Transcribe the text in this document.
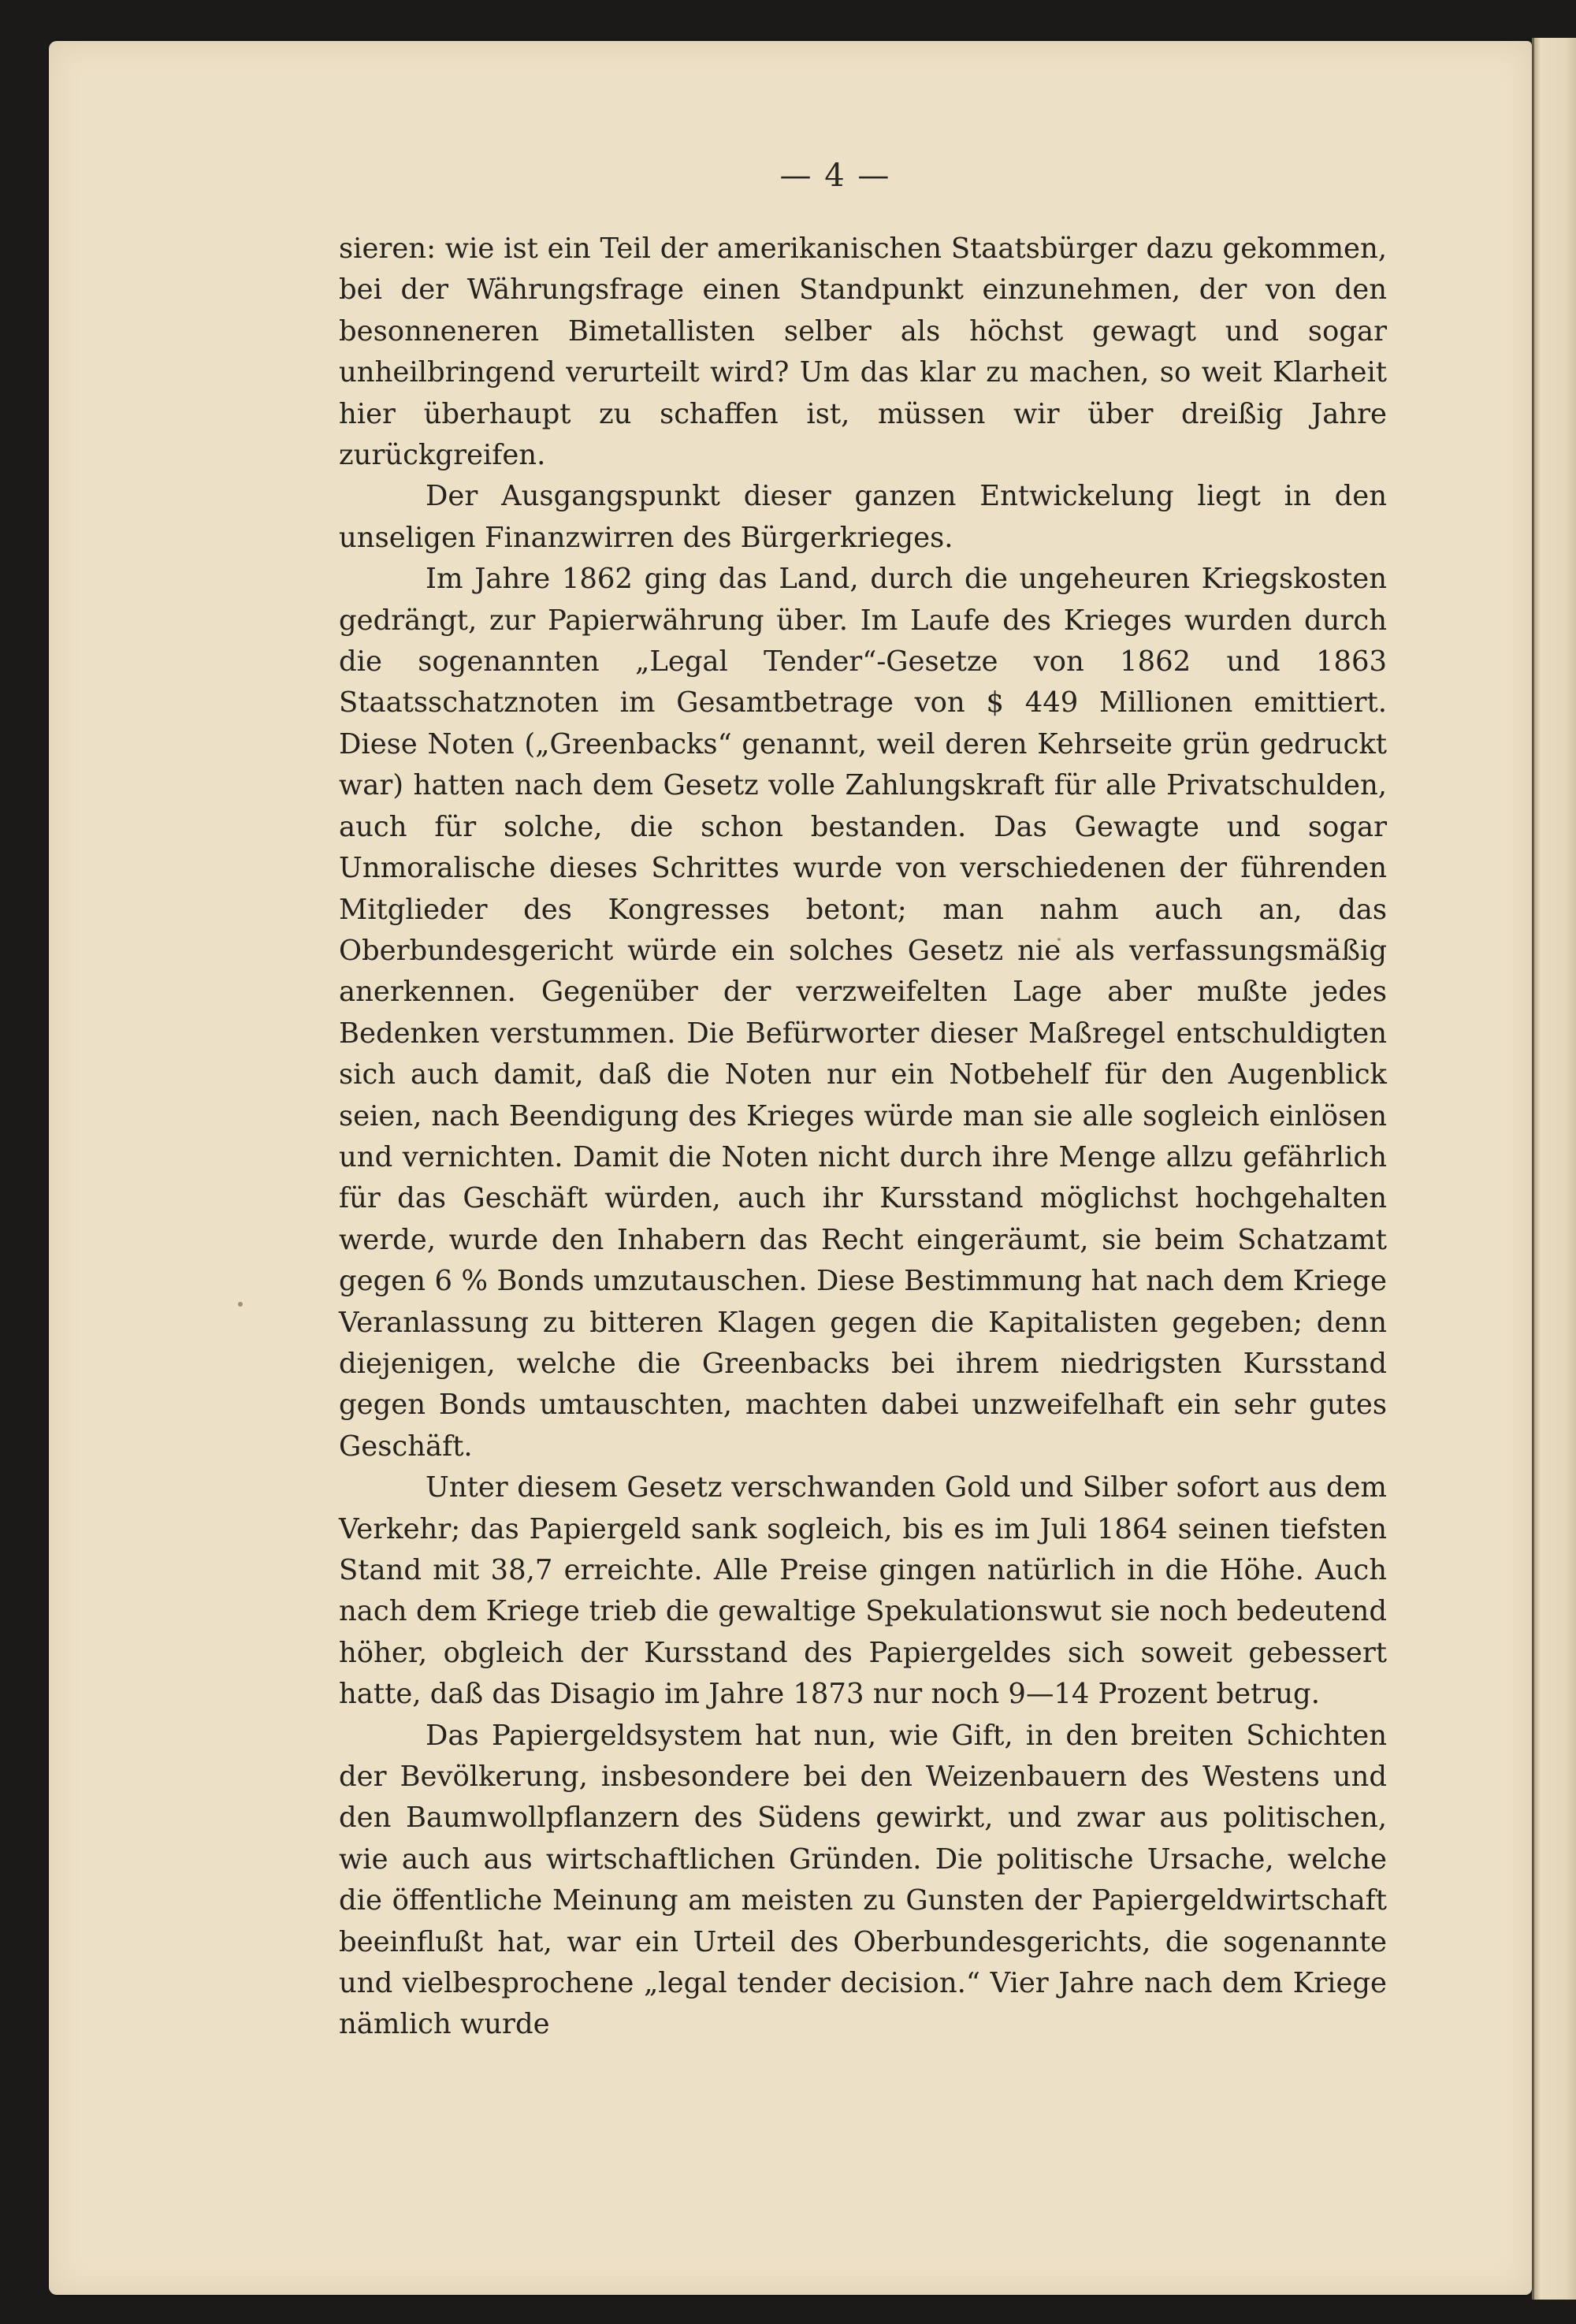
— 4 —

sieren: wie ist ein Teil der amerikanischen Staatsbürger dazu gekommen, bei der Währungsfrage einen Standpunkt einzunehmen, der von den besonneneren Bimetallisten selber als höchst gewagt und sogar unheilbringend verurteilt wird? Um das klar zu machen, so weit Klarheit hier überhaupt zu schaffen ist, müssen wir über dreißig Jahre zurückgreifen.

Der Ausgangspunkt dieser ganzen Entwickelung liegt in den unseligen Finanzwirren des Bürgerkrieges.

Im Jahre 1862 ging das Land, durch die ungeheuren Kriegskosten gedrängt, zur Papierwährung über. Im Laufe des Krieges wurden durch die sogenannten „Legal Tender“-Gesetze von 1862 und 1863 Staatsschatznoten im Gesamtbetrage von $ 449 Millionen emittiert. Diese Noten („Greenbacks“ genannt, weil deren Kehrseite grün gedruckt war) hatten nach dem Gesetz volle Zahlungskraft für alle Privatschulden, auch für solche, die schon bestanden. Das Gewagte und sogar Unmoralische dieses Schrittes wurde von verschiedenen der führenden Mitglieder des Kongresses betont; man nahm auch an, das Oberbundesgericht würde ein solches Gesetz nie als verfassungsmäßig anerkennen. Gegenüber der verzweifelten Lage aber mußte jedes Bedenken verstummen. Die Befürworter dieser Maßregel entschuldigten sich auch damit, daß die Noten nur ein Notbehelf für den Augenblick seien, nach Beendigung des Krieges würde man sie alle sogleich einlösen und vernichten. Damit die Noten nicht durch ihre Menge allzu gefährlich für das Geschäft würden, auch ihr Kursstand möglichst hochgehalten werde, wurde den Inhabern das Recht eingeräumt, sie beim Schatzamt gegen 6 % Bonds umzutauschen. Diese Bestimmung hat nach dem Kriege Veranlassung zu bitteren Klagen gegen die Kapitalisten gegeben; denn diejenigen, welche die Greenbacks bei ihrem niedrigsten Kursstand gegen Bonds umtauschten, machten dabei unzweifelhaft ein sehr gutes Geschäft.

Unter diesem Gesetz verschwanden Gold und Silber sofort aus dem Verkehr; das Papiergeld sank sogleich, bis es im Juli 1864 seinen tiefsten Stand mit 38,7 erreichte. Alle Preise gingen natürlich in die Höhe. Auch nach dem Kriege trieb die gewaltige Spekulationswut sie noch bedeutend höher, obgleich der Kursstand des Papiergeldes sich soweit gebessert hatte, daß das Disagio im Jahre 1873 nur noch 9—14 Prozent betrug.

Das Papiergeldsystem hat nun, wie Gift, in den breiten Schichten der Bevölkerung, insbesondere bei den Weizenbauern des Westens und den Baumwollpflanzern des Südens gewirkt, und zwar aus politischen, wie auch aus wirtschaftlichen Gründen. Die politische Ursache, welche die öffentliche Meinung am meisten zu Gunsten der Papiergeldwirtschaft beeinflußt hat, war ein Urteil des Oberbundesgerichts, die sogenannte und vielbesprochene „legal tender decision.“ Vier Jahre nach dem Kriege nämlich wurde
